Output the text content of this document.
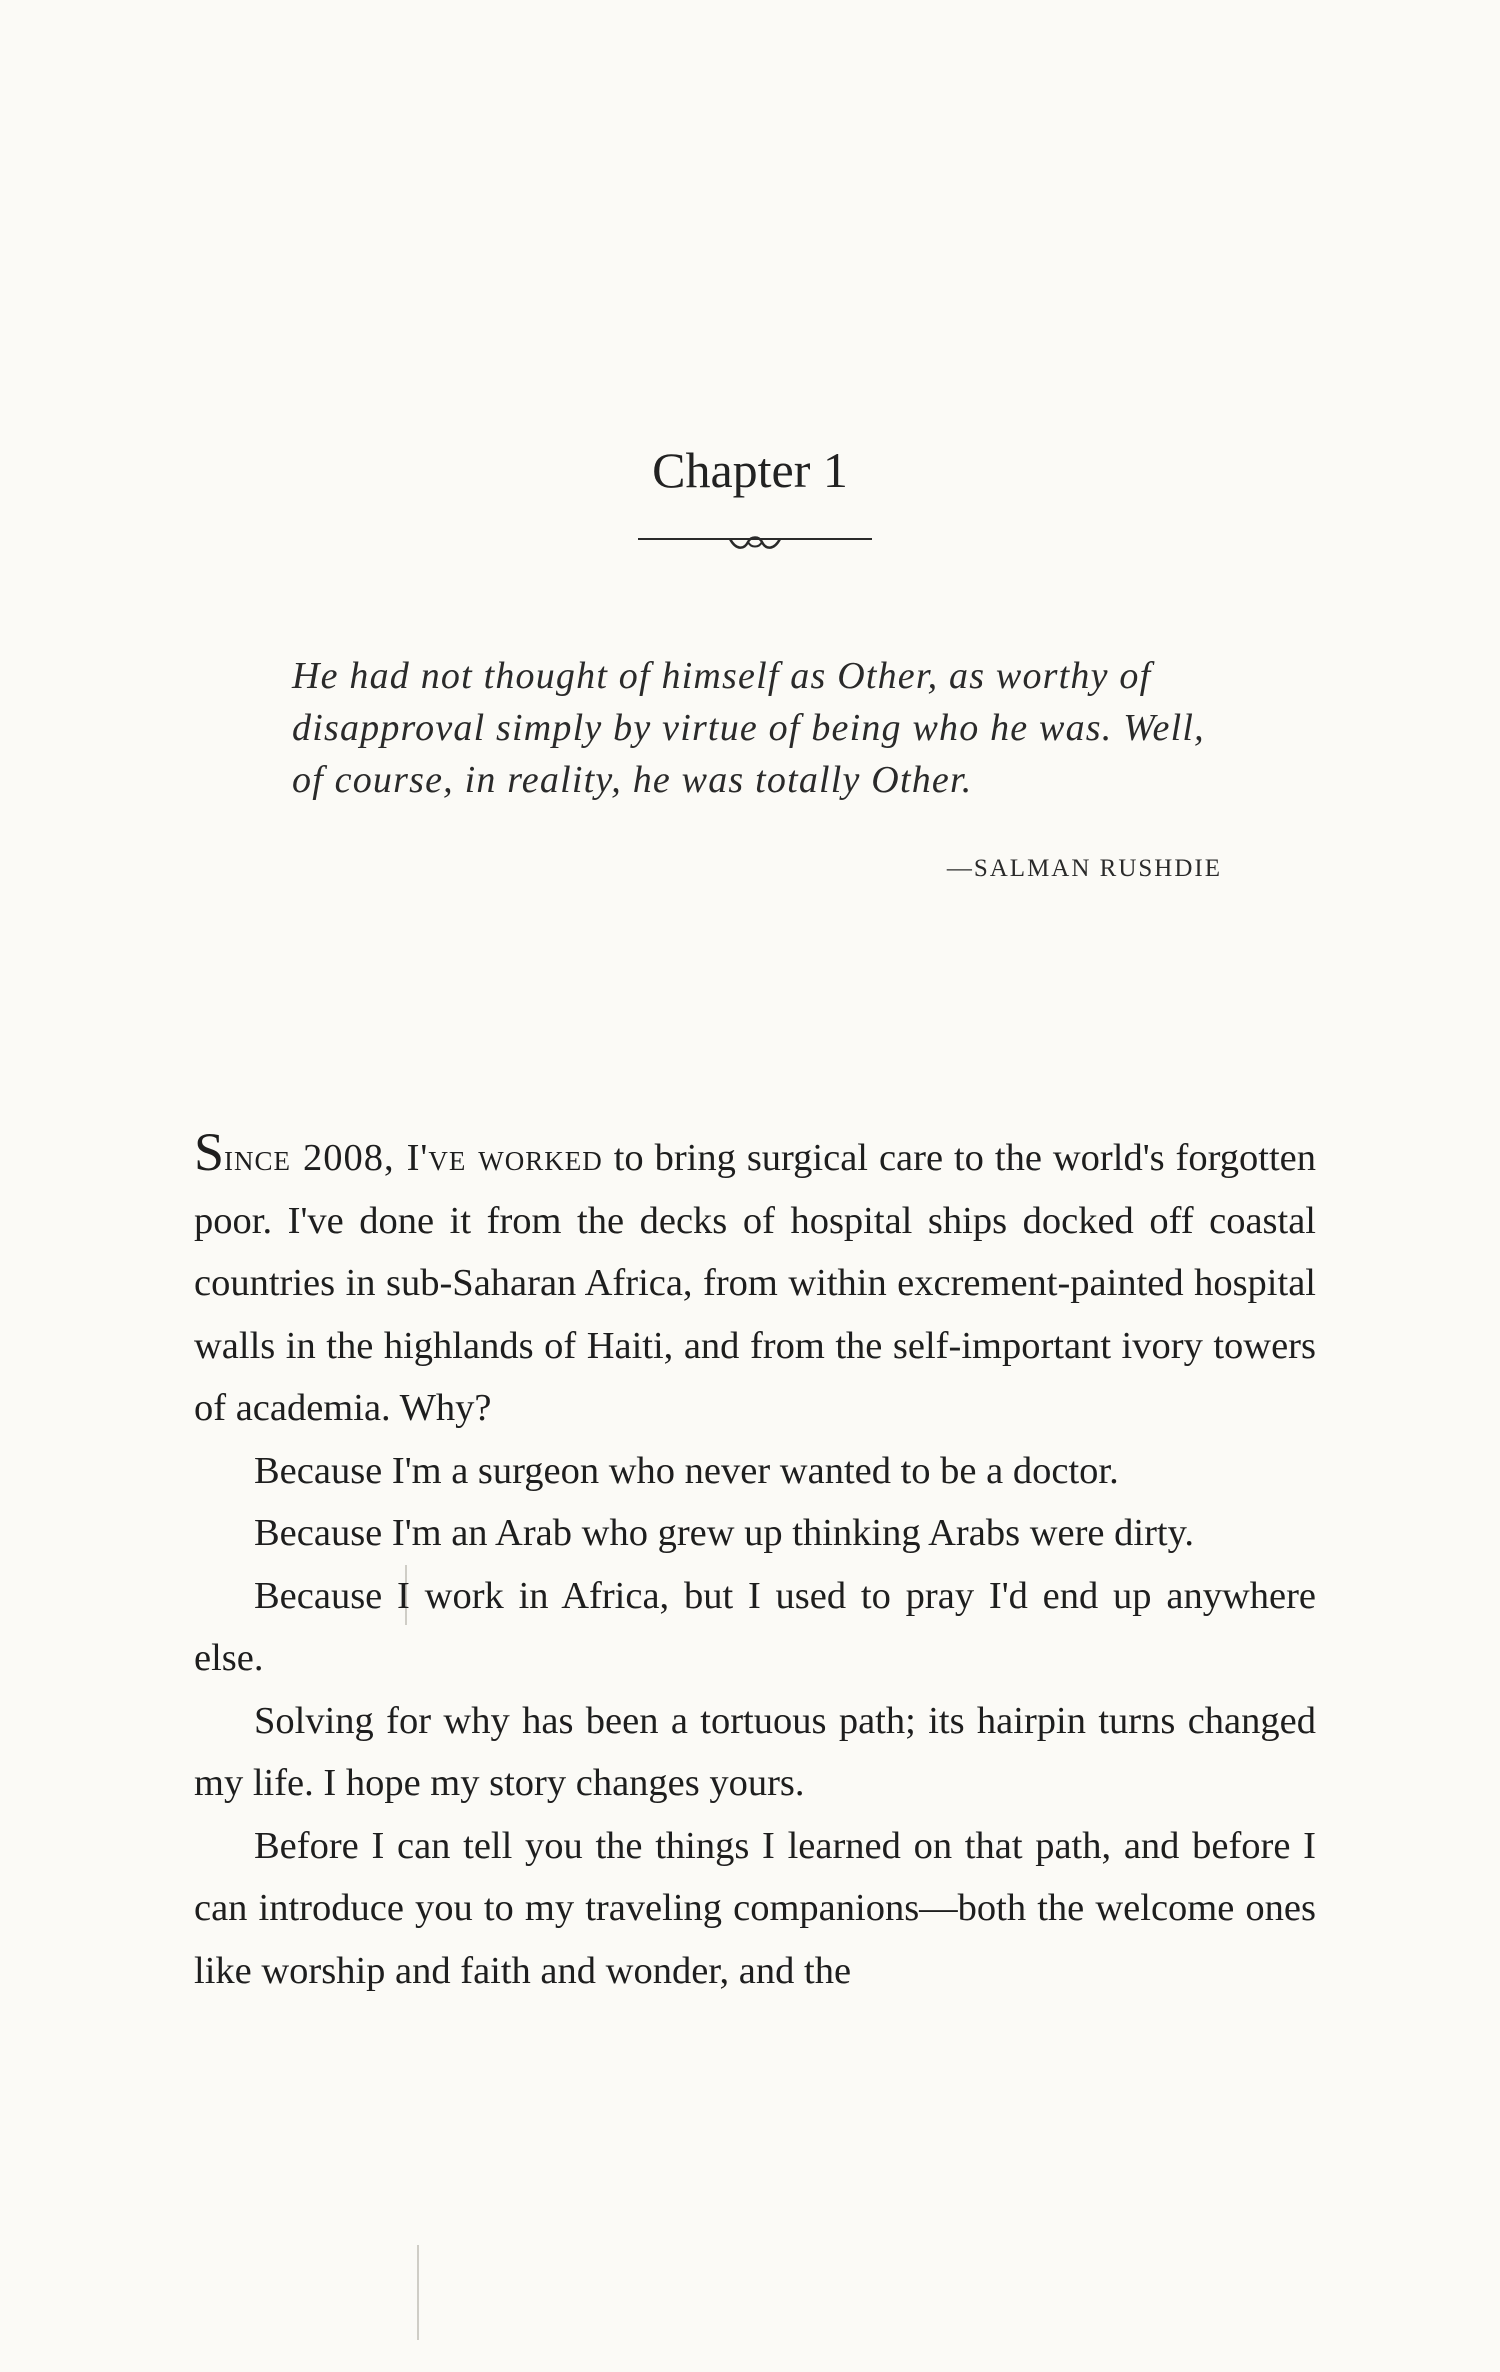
Chapter 1

He had not thought of himself as Other, as worthy of disapproval simply by virtue of being who he was. Well, of course, in reality, he was totally Other.

—SALMAN RUSHDIE

Since 2008, I've worked to bring surgical care to the world's forgotten poor. I've done it from the decks of hospital ships docked off coastal countries in sub-Saharan Africa, from within excrement-painted hospital walls in the highlands of Haiti, and from the self-important ivory towers of academia. Why?

Because I'm a surgeon who never wanted to be a doctor.

Because I'm an Arab who grew up thinking Arabs were dirty.

Because I work in Africa, but I used to pray I'd end up anywhere else.

Solving for why has been a tortuous path; its hairpin turns changed my life. I hope my story changes yours.

Before I can tell you the things I learned on that path, and before I can introduce you to my traveling companions—both the welcome ones like worship and faith and wonder, and the
